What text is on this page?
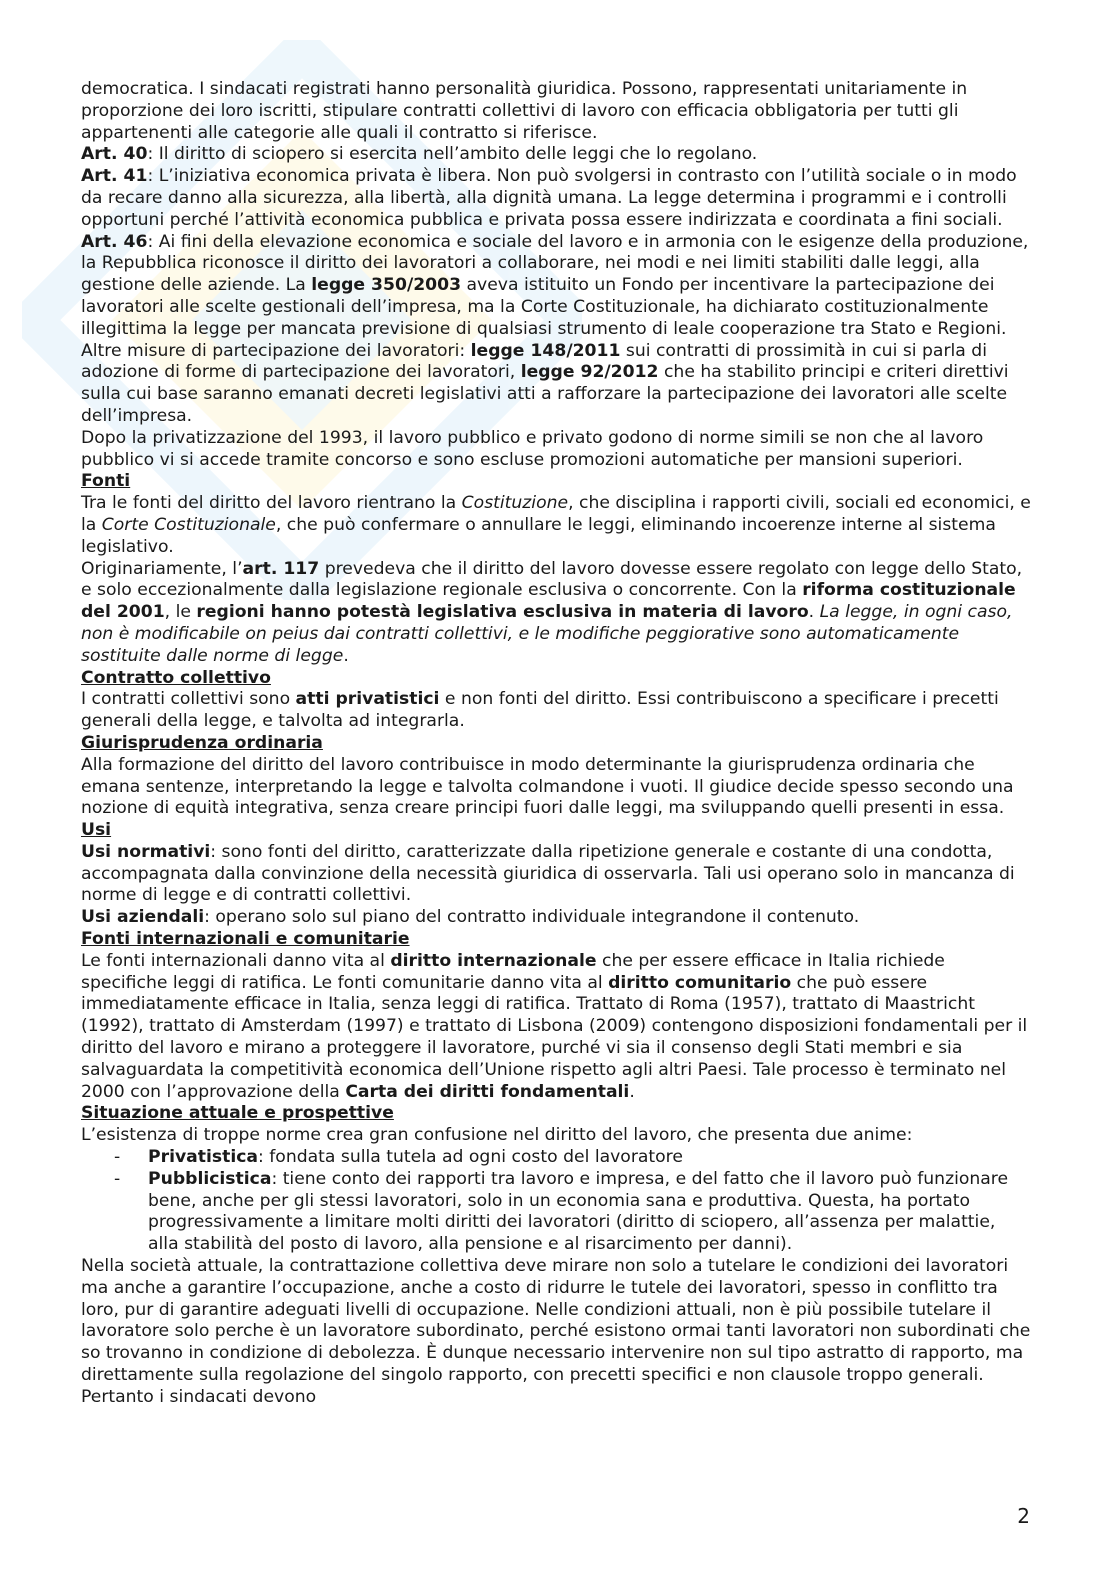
democratica. I sindacati registrati hanno personalità giuridica. Possono, rappresentati unitariamente in proporzione dei loro iscritti, stipulare contratti collettivi di lavoro con efficacia obbligatoria per tutti gli appartenenti alle categorie alle quali il contratto si riferisce.

Art. 40: Il diritto di sciopero si esercita nell’ambito delle leggi che lo regolano.

Art. 41: L’iniziativa economica privata è libera. Non può svolgersi in contrasto con l’utilità sociale o in modo da recare danno alla sicurezza, alla libertà, alla dignità umana. La legge determina i programmi e i controlli opportuni perché l’attività economica pubblica e privata possa essere indirizzata e coordinata a fini sociali.

Art. 46: Ai fini della elevazione economica e sociale del lavoro e in armonia con le esigenze della produzione, la Repubblica riconosce il diritto dei lavoratori a collaborare, nei modi e nei limiti stabiliti dalle leggi, alla gestione delle aziende. La legge 350/2003 aveva istituito un Fondo per incentivare la partecipazione dei lavoratori alle scelte gestionali dell’impresa, ma la Corte Costituzionale, ha dichiarato costituzionalmente illegittima la legge per mancata previsione di qualsiasi strumento di leale cooperazione tra Stato e Regioni. Altre misure di partecipazione dei lavoratori: legge 148/2011 sui contratti di prossimità in cui si parla di adozione di forme di partecipazione dei lavoratori, legge 92/2012 che ha stabilito principi e criteri direttivi sulla cui base saranno emanati decreti legislativi atti a rafforzare la partecipazione dei lavoratori alle scelte dell’impresa.

Dopo la privatizzazione del 1993, il lavoro pubblico e privato godono di norme simili se non che al lavoro pubblico vi si accede tramite concorso e sono escluse promozioni automatiche per mansioni superiori.

Fonti

Tra le fonti del diritto del lavoro rientrano la Costituzione, che disciplina i rapporti civili, sociali ed economici, e la Corte Costituzionale, che può confermare o annullare le leggi, eliminando incoerenze interne al sistema legislativo.

Originariamente, l’art. 117 prevedeva che il diritto del lavoro dovesse essere regolato con legge dello Stato, e solo eccezionalmente dalla legislazione regionale esclusiva o concorrente. Con la riforma costituzionale del 2001, le regioni hanno potestà legislativa esclusiva in materia di lavoro. La legge, in ogni caso, non è modificabile on peius dai contratti collettivi, e le modifiche peggiorative sono automaticamente sostituite dalle norme di legge.

Contratto collettivo

I contratti collettivi sono atti privatistici e non fonti del diritto. Essi contribuiscono a specificare i precetti generali della legge, e talvolta ad integrarla.

Giurisprudenza ordinaria

Alla formazione del diritto del lavoro contribuisce in modo determinante la giurisprudenza ordinaria che emana sentenze, interpretando la legge e talvolta colmandone i vuoti. Il giudice decide spesso secondo una nozione di equità integrativa, senza creare principi fuori dalle leggi, ma sviluppando quelli presenti in essa.

Usi

Usi normativi: sono fonti del diritto, caratterizzate dalla ripetizione generale e costante di una condotta, accompagnata dalla convinzione della necessità giuridica di osservarla. Tali usi operano solo in mancanza di norme di legge e di contratti collettivi.

Usi aziendali: operano solo sul piano del contratto individuale integrandone il contenuto.

Fonti internazionali e comunitarie

Le fonti internazionali danno vita al diritto internazionale che per essere efficace in Italia richiede specifiche leggi di ratifica. Le fonti comunitarie danno vita al diritto comunitario che può essere immediatamente efficace in Italia, senza leggi di ratifica. Trattato di Roma (1957), trattato di Maastricht (1992), trattato di Amsterdam (1997) e trattato di Lisbona (2009) contengono disposizioni fondamentali per il diritto del lavoro e mirano a proteggere il lavoratore, purché vi sia il consenso degli Stati membri e sia salvaguardata la competitività economica dell’Unione rispetto agli altri Paesi. Tale processo è terminato nel 2000 con l’approvazione della Carta dei diritti fondamentali.

Situazione attuale e prospettive

L’esistenza di troppe norme crea gran confusione nel diritto del lavoro, che presenta due anime:

- Privatistica: fondata sulla tutela ad ogni costo del lavoratore
- Pubblicistica: tiene conto dei rapporti tra lavoro e impresa, e del fatto che il lavoro può funzionare bene, anche per gli stessi lavoratori, solo in un economia sana e produttiva. Questa, ha portato progressivamente a limitare molti diritti dei lavoratori (diritto di sciopero, all’assenza per malattie, alla stabilità del posto di lavoro, alla pensione e al risarcimento per danni).

Nella società attuale, la contrattazione collettiva deve mirare non solo a tutelare le condizioni dei lavoratori ma anche a garantire l’occupazione, anche a costo di ridurre le tutele dei lavoratori, spesso in conflitto tra loro, pur di garantire adeguati livelli di occupazione. Nelle condizioni attuali, non è più possibile tutelare il lavoratore solo perche è un lavoratore subordinato, perché esistono ormai tanti lavoratori non subordinati che so trovanno in condizione di debolezza. È dunque necessario intervenire non sul tipo astratto di rapporto, ma direttamente sulla regolazione del singolo rapporto, con precetti specifici e non clausole troppo generali. Pertanto i sindacati devono

2
